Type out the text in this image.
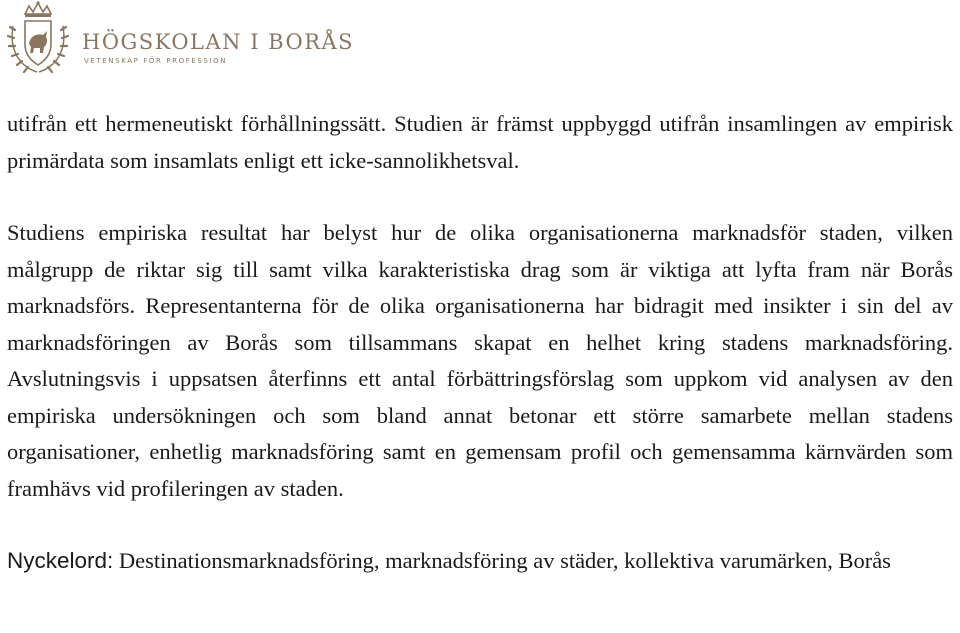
HÖGSKOLAN I BORÅS
VETENSKAP FÖR PROFESSION

utifrån ett hermeneutiskt förhållningssätt. Studien är främst uppbyggd utifrån insamlingen av empirisk primärdata som insamlats enligt ett icke-sannolikhetsval.

Studiens empiriska resultat har belyst hur de olika organisationerna marknadsför staden, vilken målgrupp de riktar sig till samt vilka karakteristiska drag som är viktiga att lyfta fram när Borås marknadsförs. Representanterna för de olika organisationerna har bidragit med insikter i sin del av marknadsföringen av Borås som tillsammans skapat en helhet kring stadens marknadsföring. Avslutningsvis i uppsatsen återfinns ett antal förbättringsförslag som uppkom vid analysen av den empiriska undersökningen och som bland annat betonar ett större samarbete mellan stadens organisationer, enhetlig marknadsföring samt en gemensam profil och gemensamma kärnvärden som framhävs vid profileringen av staden.

Nyckelord: Destinationsmarknadsföring, marknadsföring av städer, kollektiva varumärken, Borås
